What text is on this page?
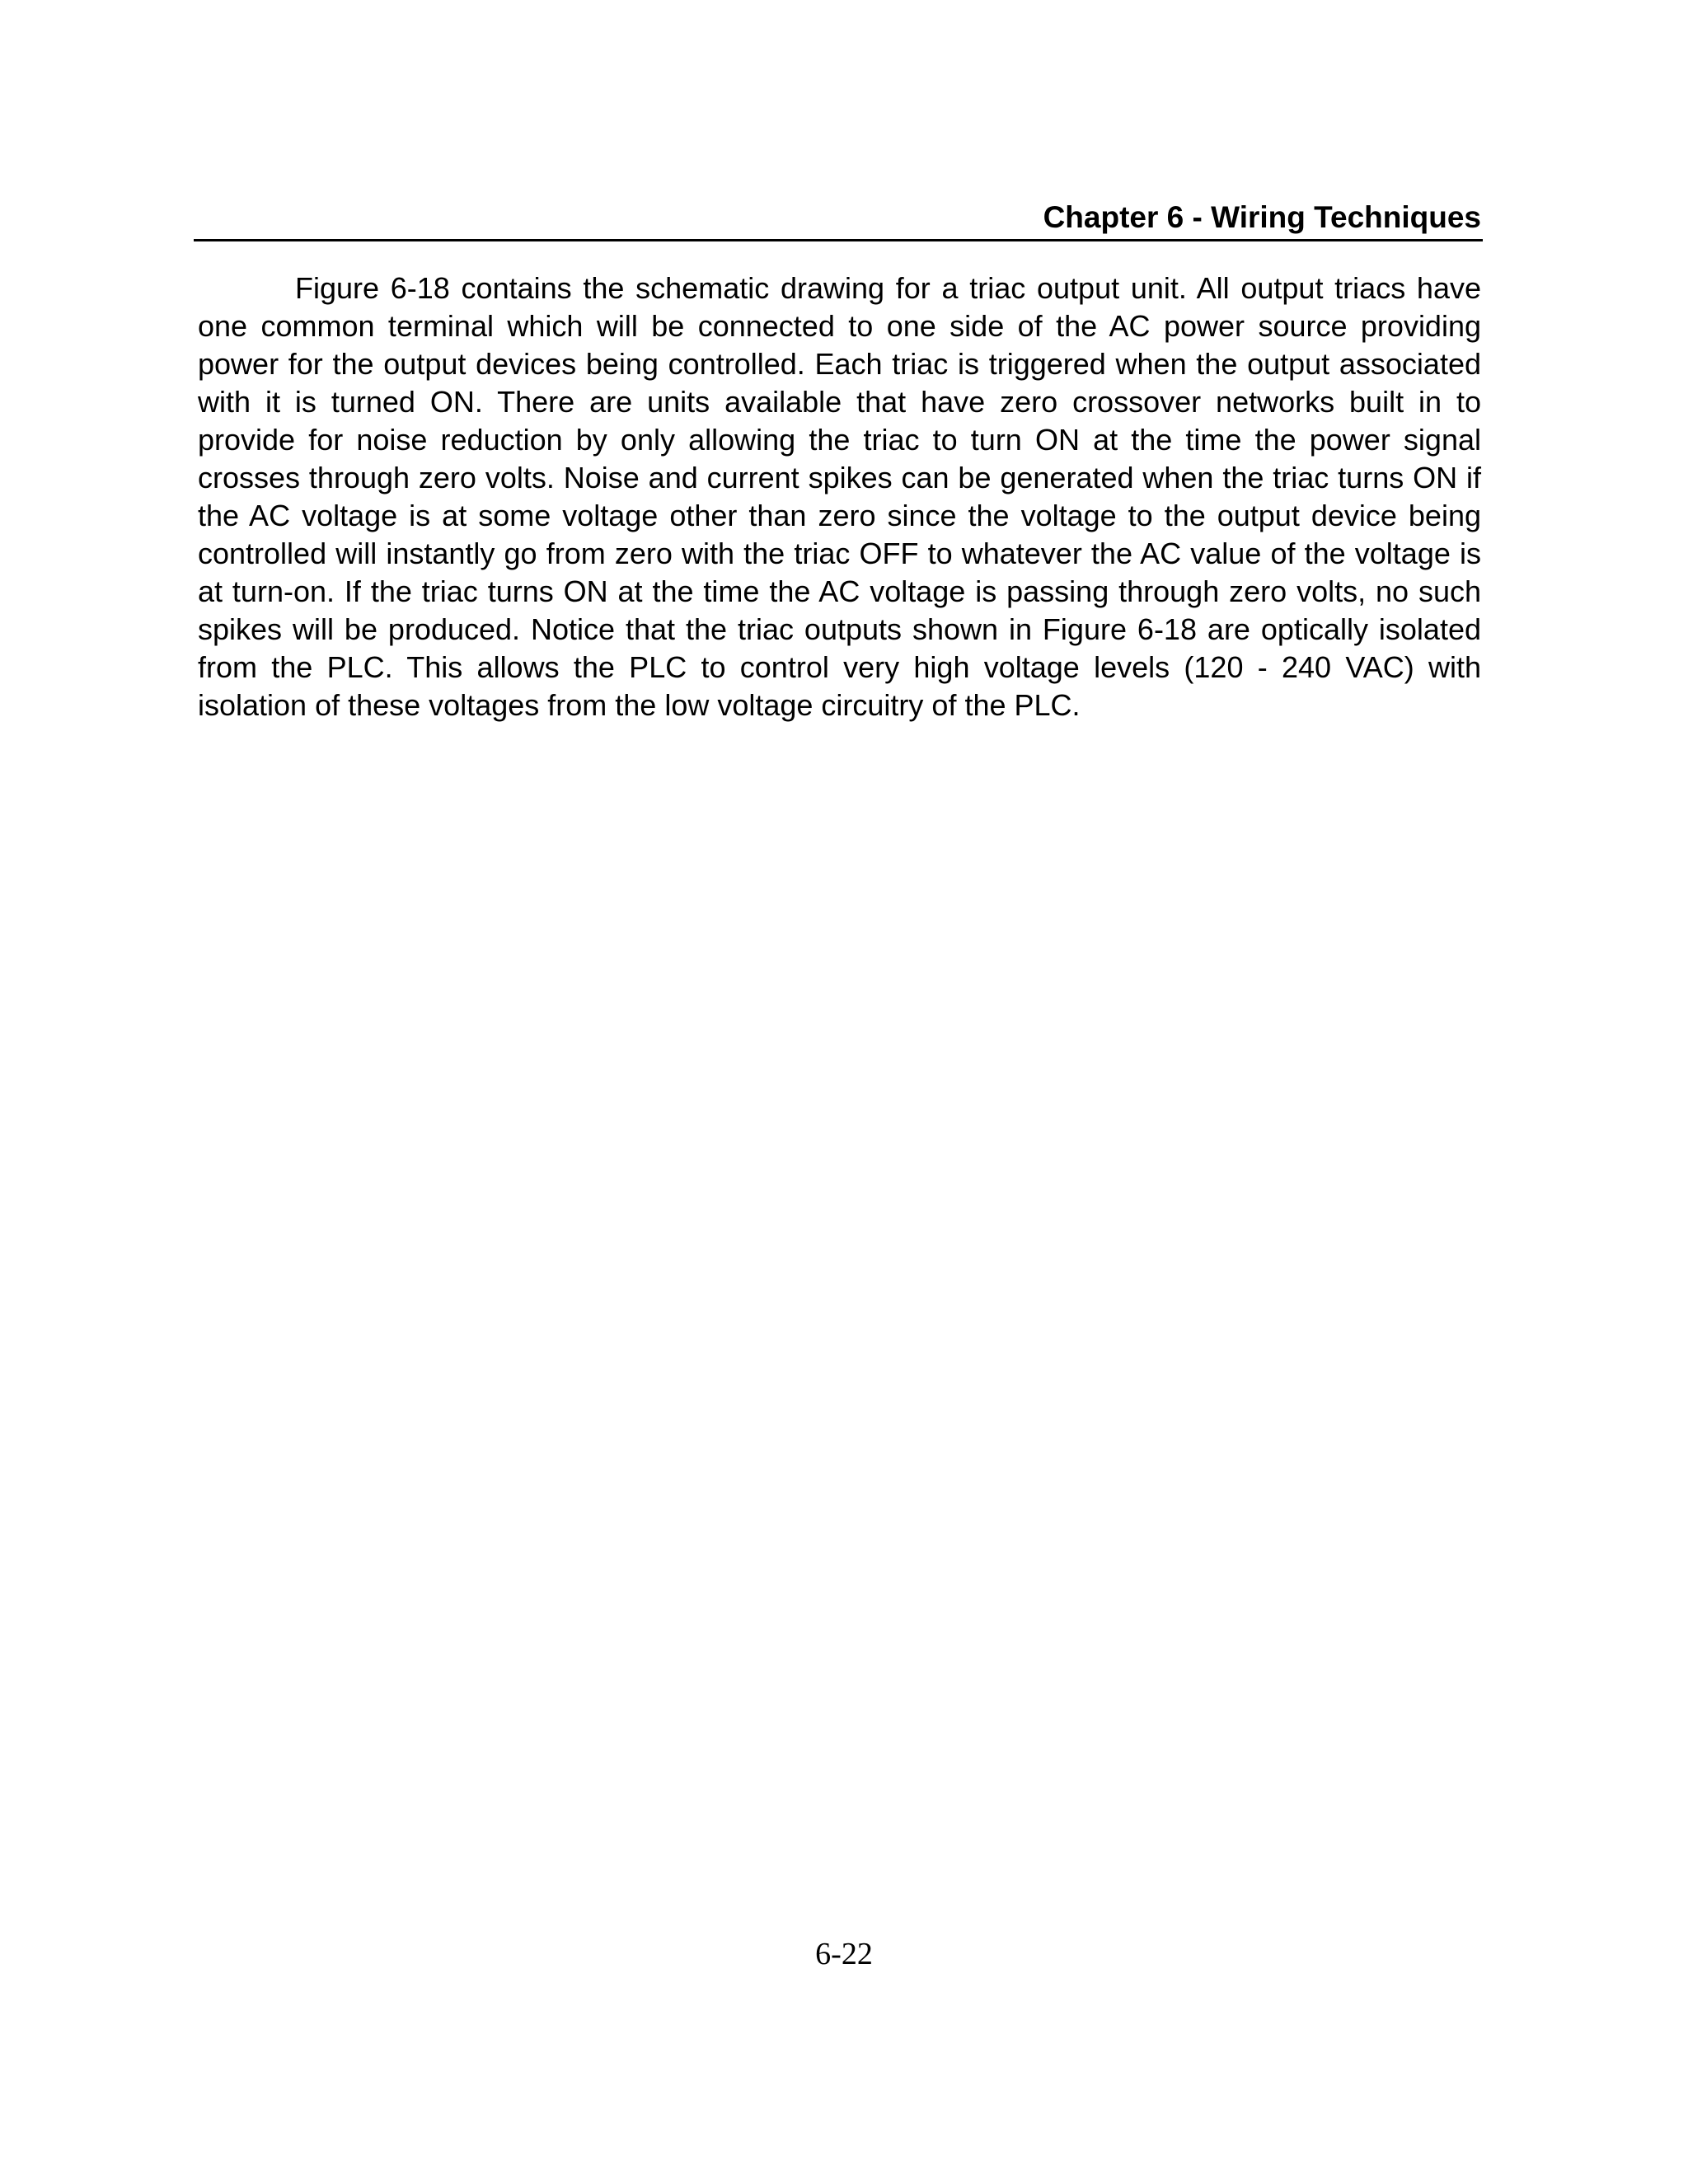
Chapter 6 - Wiring Techniques

Figure 6-18 contains the schematic drawing for a triac output unit. All output triacs have one common terminal which will be connected to one side of the AC power source providing power for the output devices being controlled. Each triac is triggered when the output associated with it is turned ON. There are units available that have zero crossover networks built in to provide for noise reduction by only allowing the triac to turn ON at the time the power signal crosses through zero volts. Noise and current spikes can be generated when the triac turns ON if the AC voltage is at some voltage other than zero since the voltage to the output device being controlled will instantly go from zero with the triac OFF to whatever the AC value of the voltage is at turn-on. If the triac turns ON at the time the AC voltage is passing through zero volts, no such spikes will be produced. Notice that the triac outputs shown in Figure 6-18 are optically isolated from the PLC. This allows the PLC to control very high voltage levels (120 - 240 VAC) with isolation of these voltages from the low voltage circuitry of the PLC.

6-22
